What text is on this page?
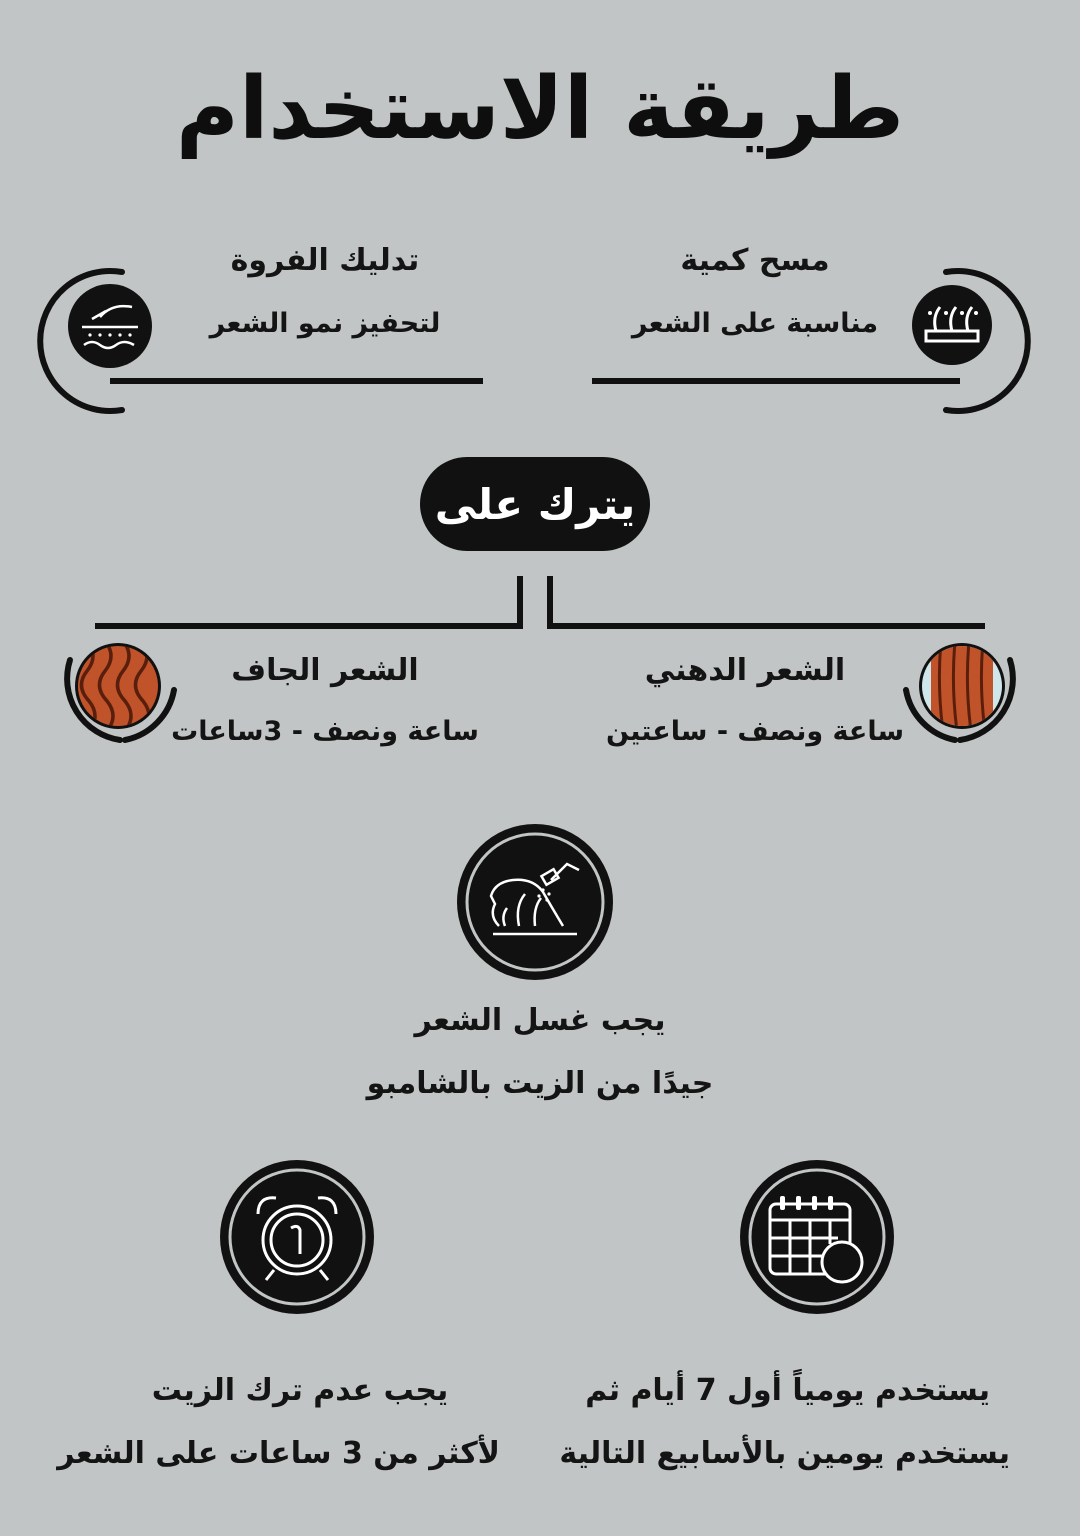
طريقة الاستخدام
مسح كمية
مناسبة على الشعر
تدليك الفروة
لتحفيز نمو الشعر
يترك على
الشعر الدهني
ساعة ونصف - ساعتين
الشعر الجاف
ساعة ونصف - 3ساعات
يجب غسل الشعر
جيدًا من الزيت بالشامبو
يستخدم يومياً أول 7 أيام ثم
يستخدم يومين بالأسابيع التالية
يجب عدم ترك الزيت
لأكثر من 3 ساعات على الشعر
